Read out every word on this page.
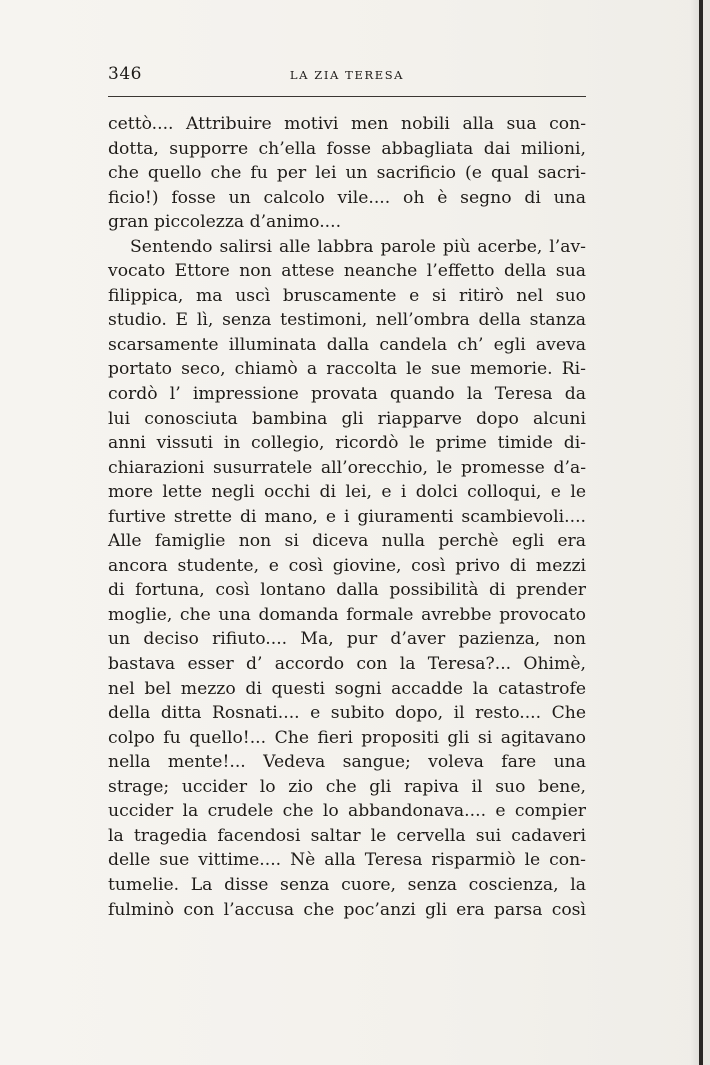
346	LA ZIA TERESA
cettò.... Attribuire motivi men nobili alla sua con-
dotta, supporre ch’ella fosse abbagliata dai milioni,
che quello che fu per lei un sacrificio (e qual sacri-
ficio!) fosse un calcolo vile.... oh è segno di una
gran piccolezza d’animo....
Sentendo salirsi alle labbra parole più acerbe, l’av-
vocato Ettore non attese neanche l’effetto della sua
filippica, ma uscì bruscamente e si ritirò nel suo
studio. E lì, senza testimoni, nell’ombra della stanza
scarsamente illuminata dalla candela ch’ egli aveva
portato seco, chiamò a raccolta le sue memorie. Ri-
cordò l’ impressione provata quando la Teresa da
lui conosciuta bambina gli riapparve dopo alcuni
anni vissuti in collegio, ricordò le prime timide di-
chiarazioni susurratele all’orecchio, le promesse d’a-
more lette negli occhi di lei, e i dolci colloqui, e le
furtive strette di mano, e i giuramenti scambievoli....
Alle famiglie non si diceva nulla perchè egli era
ancora studente, e così giovine, così privo di mezzi
di fortuna, così lontano dalla possibilità di prender
moglie, che una domanda formale avrebbe provocato
un deciso rifiuto.... Ma, pur d’aver pazienza, non
bastava esser d’ accordo con la Teresa?... Ohimè,
nel bel mezzo di questi sogni accadde la catastrofe
della ditta Rosnati.... e subito dopo, il resto.... Che
colpo fu quello!... Che fieri propositi gli si agitavano
nella mente!... Vedeva sangue; voleva fare una
strage; uccider lo zio che gli rapiva il suo bene,
uccider la crudele che lo abbandonava.... e compier
la tragedia facendosi saltar le cervella sui cadaveri
delle sue vittime.... Nè alla Teresa risparmiò le con-
tumelie. La disse senza cuore, senza coscienza, la
fulminò con l’accusa che poc’anzi gli era parsa così
